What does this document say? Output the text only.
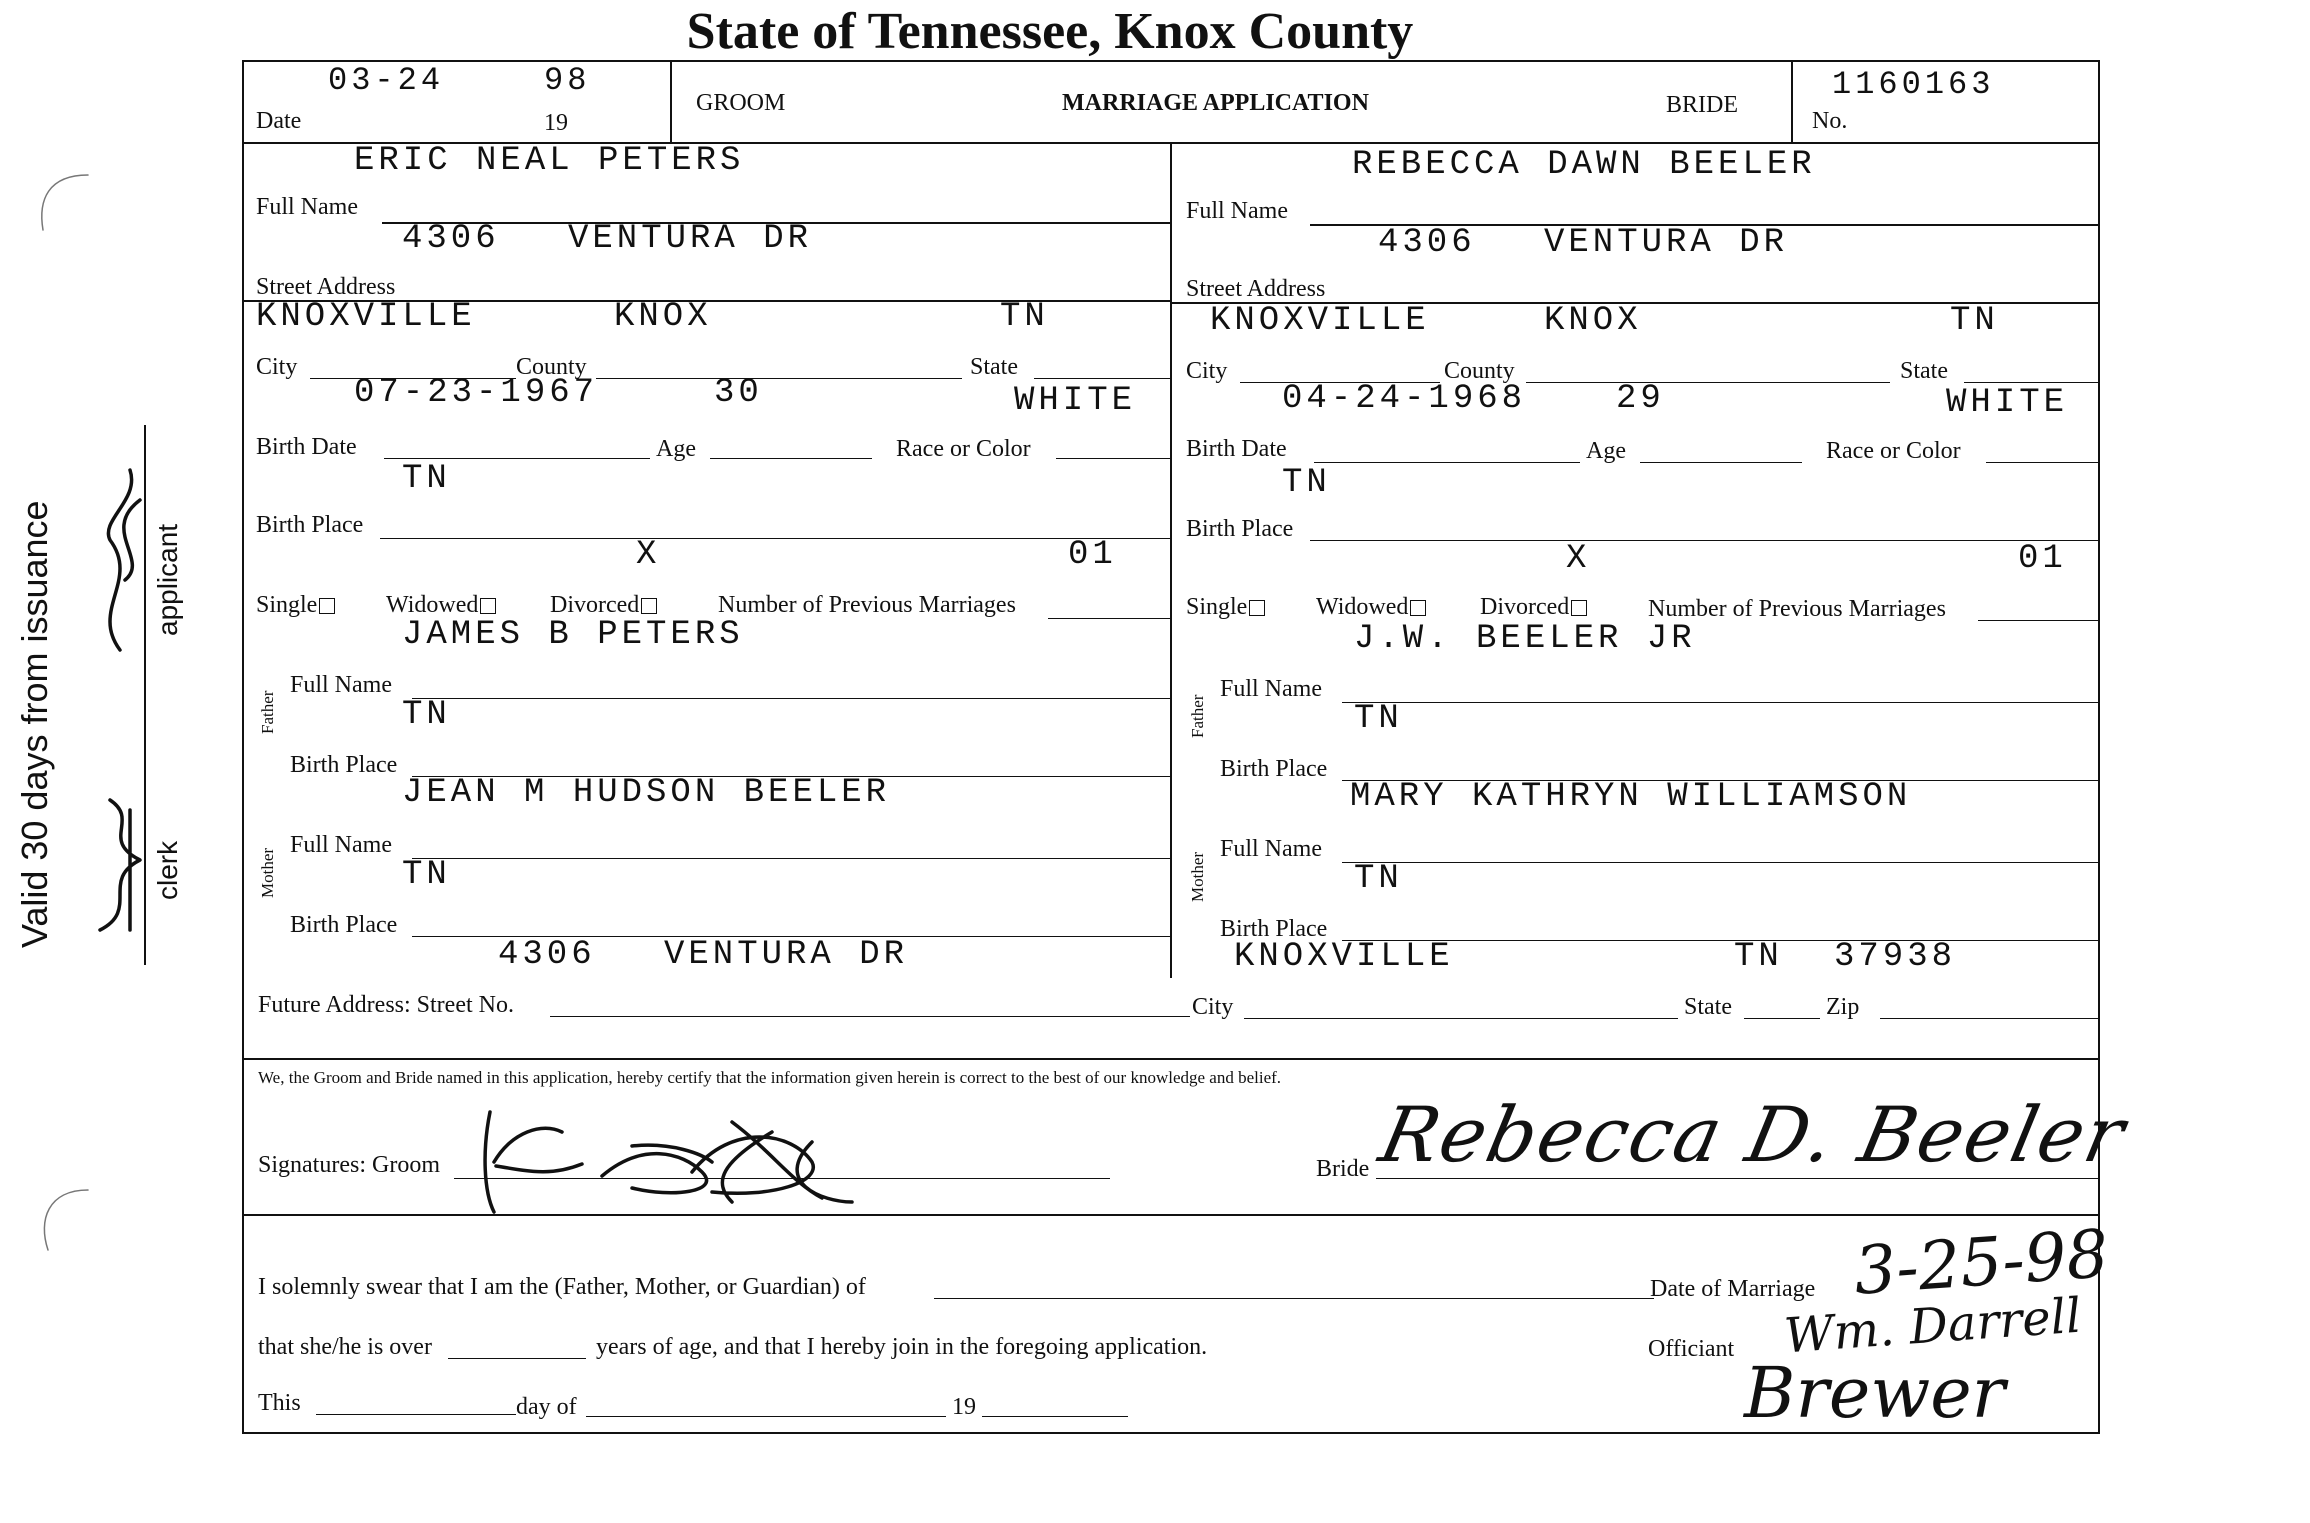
State of Tennessee, Knox County
Valid 30 days from issuance	applicant
clerk
03-24	98
Date	19
GROOM	MARRIAGE APPLICATION	BRIDE
1160163
No.
ERIC NEAL PETERS
Full Name
4306 VENTURA DR
Street Address
KNOXVILLE	KNOX	TN
City	County	State
07-23-1967	30	WHITE
Birth Date	Age	Race or Color
TN
Birth Place
X	01
Single	Widowed	Divorced	Number of Previous Marriages
JAMES B PETERS
Father
Full Name
TN
Birth Place
JEAN M HUDSON BEELER
Mother
Full Name
TN
Birth Place
REBECCA DAWN BEELER
Full Name
4306 VENTURA DR
Street Address
KNOXVILLE	KNOX	TN
City	County	State
04-24-1968	29	WHITE
Birth Date	Age	Race or Color
TN
Birth Place
X	01
Single	Widowed	Divorced	Number of Previous Marriages
J.W. BEELER JR
Father
Full Name
TN
Birth Place
MARY KATHRYN WILLIAMSON
Mother
Full Name
TN
Birth Place
4306 VENTURA DR	KNOXVILLE	TN 37938
Future Address: Street No.	City	State	Zip
We, the Groom and Bride named in this application, hereby certify that the information given herein is correct to the best of our knowledge and belief.
Signatures: Groom	Bride Rebecca D. Beeler
I solemnly swear that I am the (Father, Mother, or Guardian) of
that she/he is over	years of age, and that I hereby join in the foregoing application.
This	day of	19
Date of Marriage
Officiant
3-25-98
Wm. Darrell
Brewer
